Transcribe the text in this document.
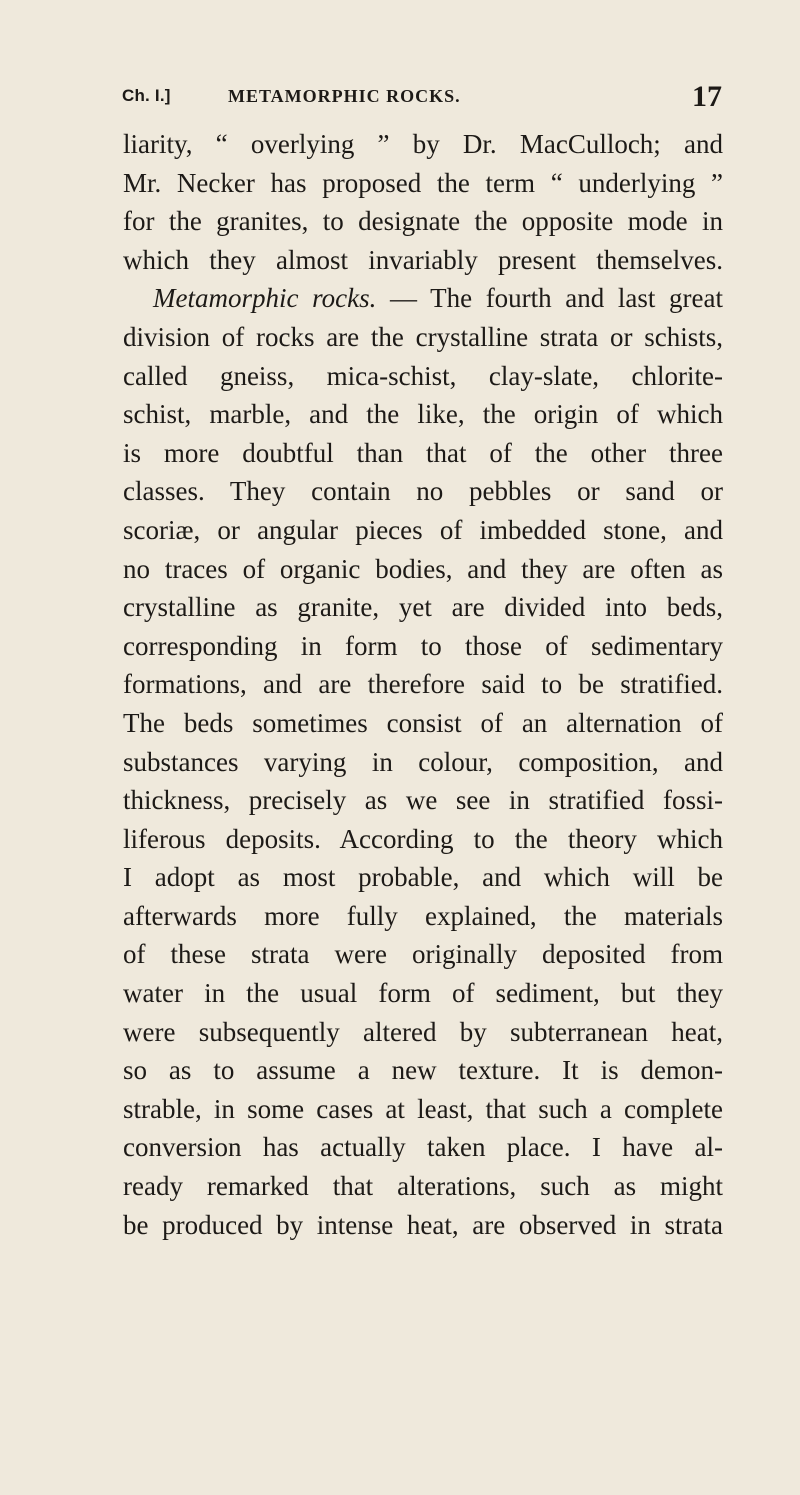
Ch. I.]	METAMORPHIC ROCKS.	17
liarity, “ overlying ” by Dr. MacCulloch; and
Mr. Necker has proposed the term “ underlying ”
for the granites, to designate the opposite mode in
which they almost invariably present themselves.
Metamorphic rocks. — The fourth and last great
division of rocks are the crystalline strata or schists,
called gneiss, mica-schist, clay-slate, chlorite-
schist, marble, and the like, the origin of which
is more doubtful than that of the other three
classes. They contain no pebbles or sand or
scoriæ, or angular pieces of imbedded stone, and
no traces of organic bodies, and they are often as
crystalline as granite, yet are divided into beds,
corresponding in form to those of sedimentary
formations, and are therefore said to be stratified.
The beds sometimes consist of an alternation of
substances varying in colour, composition, and
thickness, precisely as we see in stratified fossi-
liferous deposits. According to the theory which
I adopt as most probable, and which will be
afterwards more fully explained, the materials
of these strata were originally deposited from
water in the usual form of sediment, but they
were subsequently altered by subterranean heat,
so as to assume a new texture. It is demon-
strable, in some cases at least, that such a complete
conversion has actually taken place. I have al-
ready remarked that alterations, such as might
be produced by intense heat, are observed in strata
